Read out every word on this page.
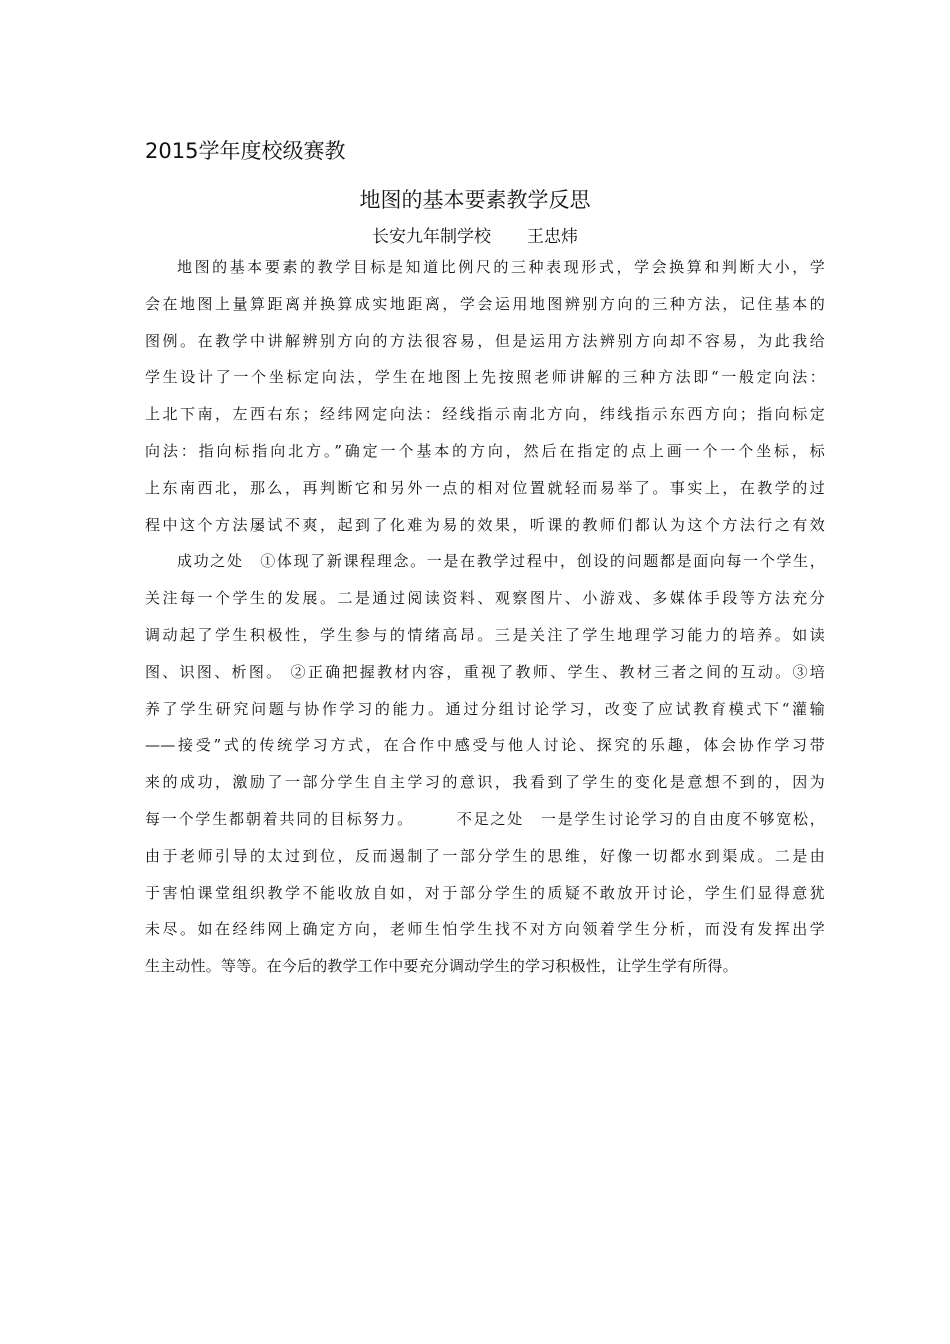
2015学年度校级赛教
地图的基本要素教学反思
长安九年制学校 王忠炜
地图的基本要素的教学目标是知道比例尺的三种表现形式，学会换算和判断大小，学
会在地图上量算距离并换算成实地距离，学会运用地图辨别方向的三种方法，记住基本的
图例。在教学中讲解辨别方向的方法很容易，但是运用方法辨别方向却不容易，为此我给
学生设计了一个坐标定向法，学生在地图上先按照老师讲解的三种方法即“一般定向法：
上北下南，左西右东；经纬网定向法：经线指示南北方向，纬线指示东西方向；指向标定
向法：指向标指向北方。”确定一个基本的方向，然后在指定的点上画一个一个坐标，标
上东南西北，那么，再判断它和另外一点的相对位置就轻而易举了。事实上，在教学的过
程中这个方法屡试不爽，起到了化难为易的效果，听课的教师们都认为这个方法行之有效
成功之处　①体现了新课程理念。一是在教学过程中，创设的问题都是面向每一个学生，
关注每一个学生的发展。二是通过阅读资料、观察图片、小游戏、多媒体手段等方法充分
调动起了学生积极性，学生参与的情绪高昂。三是关注了学生地理学习能力的培养。如读
图、识图、析图。 ②正确把握教材内容，重视了教师、学生、教材三者之间的互动。③培
养了学生研究问题与协作学习的能力。通过分组讨论学习，改变了应试教育模式下“灌输
——接受”式的传统学习方式，在合作中感受与他人讨论、探究的乐趣，体会协作学习带
来的成功，激励了一部分学生自主学习的意识，我看到了学生的变化是意想不到的，因为
每一个学生都朝着共同的目标努力。　　　不足之处　一是学生讨论学习的自由度不够宽松，
由于老师引导的太过到位，反而遏制了一部分学生的思维，好像一切都水到渠成。二是由
于害怕课堂组织教学不能收放自如，对于部分学生的质疑不敢放开讨论，学生们显得意犹
未尽。如在经纬网上确定方向，老师生怕学生找不对方向领着学生分析，而没有发挥出学
生主动性。等等。在今后的教学工作中要充分调动学生的学习积极性，让学生学有所得。
